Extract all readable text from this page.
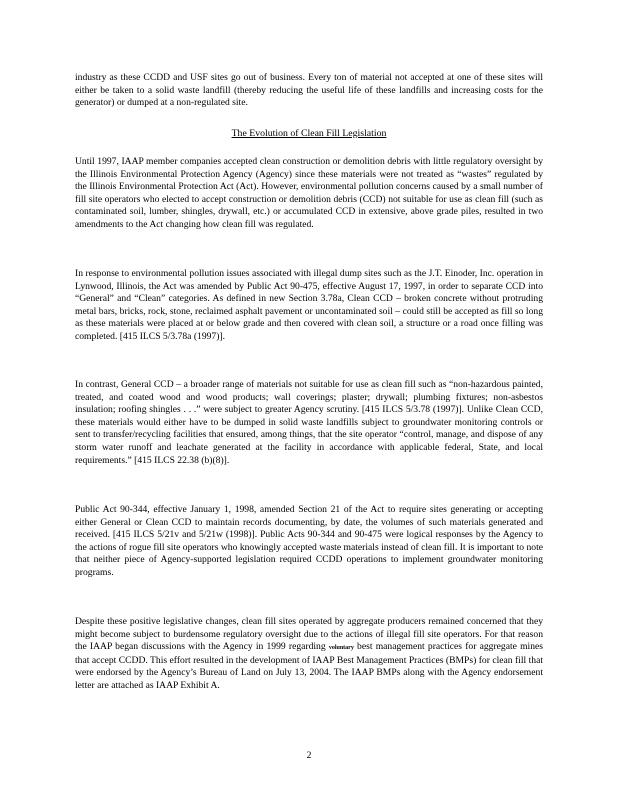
industry as these CCDD and USF sites go out of business. Every ton of material not accepted at one of these sites will either be taken to a solid waste landfill (thereby reducing the useful life of these landfills and increasing costs for the generator) or dumped at a non-regulated site.

The Evolution of Clean Fill Legislation

Until 1997, IAAP member companies accepted clean construction or demolition debris with little regulatory oversight by the Illinois Environmental Protection Agency (Agency) since these materials were not treated as “wastes” regulated by the Illinois Environmental Protection Act (Act). However, environmental pollution concerns caused by a small number of fill site operators who elected to accept construction or demolition debris (CCD) not suitable for use as clean fill (such as contaminated soil, lumber, shingles, drywall, etc.) or accumulated CCD in extensive, above grade piles, resulted in two amendments to the Act changing how clean fill was regulated.

In response to environmental pollution issues associated with illegal dump sites such as the J.T. Einoder, Inc. operation in Lynwood, Illinois, the Act was amended by Public Act 90-475, effective August 17, 1997, in order to separate CCD into “General” and “Clean” categories. As defined in new Section 3.78a, Clean CCD – broken concrete without protruding metal bars, bricks, rock, stone, reclaimed asphalt pavement or uncontaminated soil – could still be accepted as fill so long as these materials were placed at or below grade and then covered with clean soil, a structure or a road once filling was completed. [415 ILCS 5/3.78a (1997)].

In contrast, General CCD – a broader range of materials not suitable for use as clean fill such as “non-hazardous painted, treated, and coated wood and wood products; wall coverings; plaster; drywall; plumbing fixtures; non-asbestos insulation; roofing shingles . . .” were subject to greater Agency scrutiny. [415 ILCS 5/3.78 (1997)]. Unlike Clean CCD, these materials would either have to be dumped in solid waste landfills subject to groundwater monitoring controls or sent to transfer/recycling facilities that ensured, among things, that the site operator “control, manage, and dispose of any storm water runoff and leachate generated at the facility in accordance with applicable federal, State, and local requirements.” [415 ILCS 22.38 (b)(8)].

Public Act 90-344, effective January 1, 1998, amended Section 21 of the Act to require sites generating or accepting either General or Clean CCD to maintain records documenting, by date, the volumes of such materials generated and received. [415 ILCS 5/21v and 5/21w (1998)]. Public Acts 90-344 and 90-475 were logical responses by the Agency to the actions of rogue fill site operators who knowingly accepted waste materials instead of clean fill. It is important to note that neither piece of Agency-supported legislation required CCDD operations to implement groundwater monitoring programs.

Despite these positive legislative changes, clean fill sites operated by aggregate producers remained concerned that they might become subject to burdensome regulatory oversight due to the actions of illegal fill site operators. For that reason the IAAP began discussions with the Agency in 1999 regarding voluntary best management practices for aggregate mines that accept CCDD. This effort resulted in the development of IAAP Best Management Practices (BMPs) for clean fill that were endorsed by the Agency’s Bureau of Land on July 13, 2004. The IAAP BMPs along with the Agency endorsement letter are attached as IAAP Exhibit A.

2
